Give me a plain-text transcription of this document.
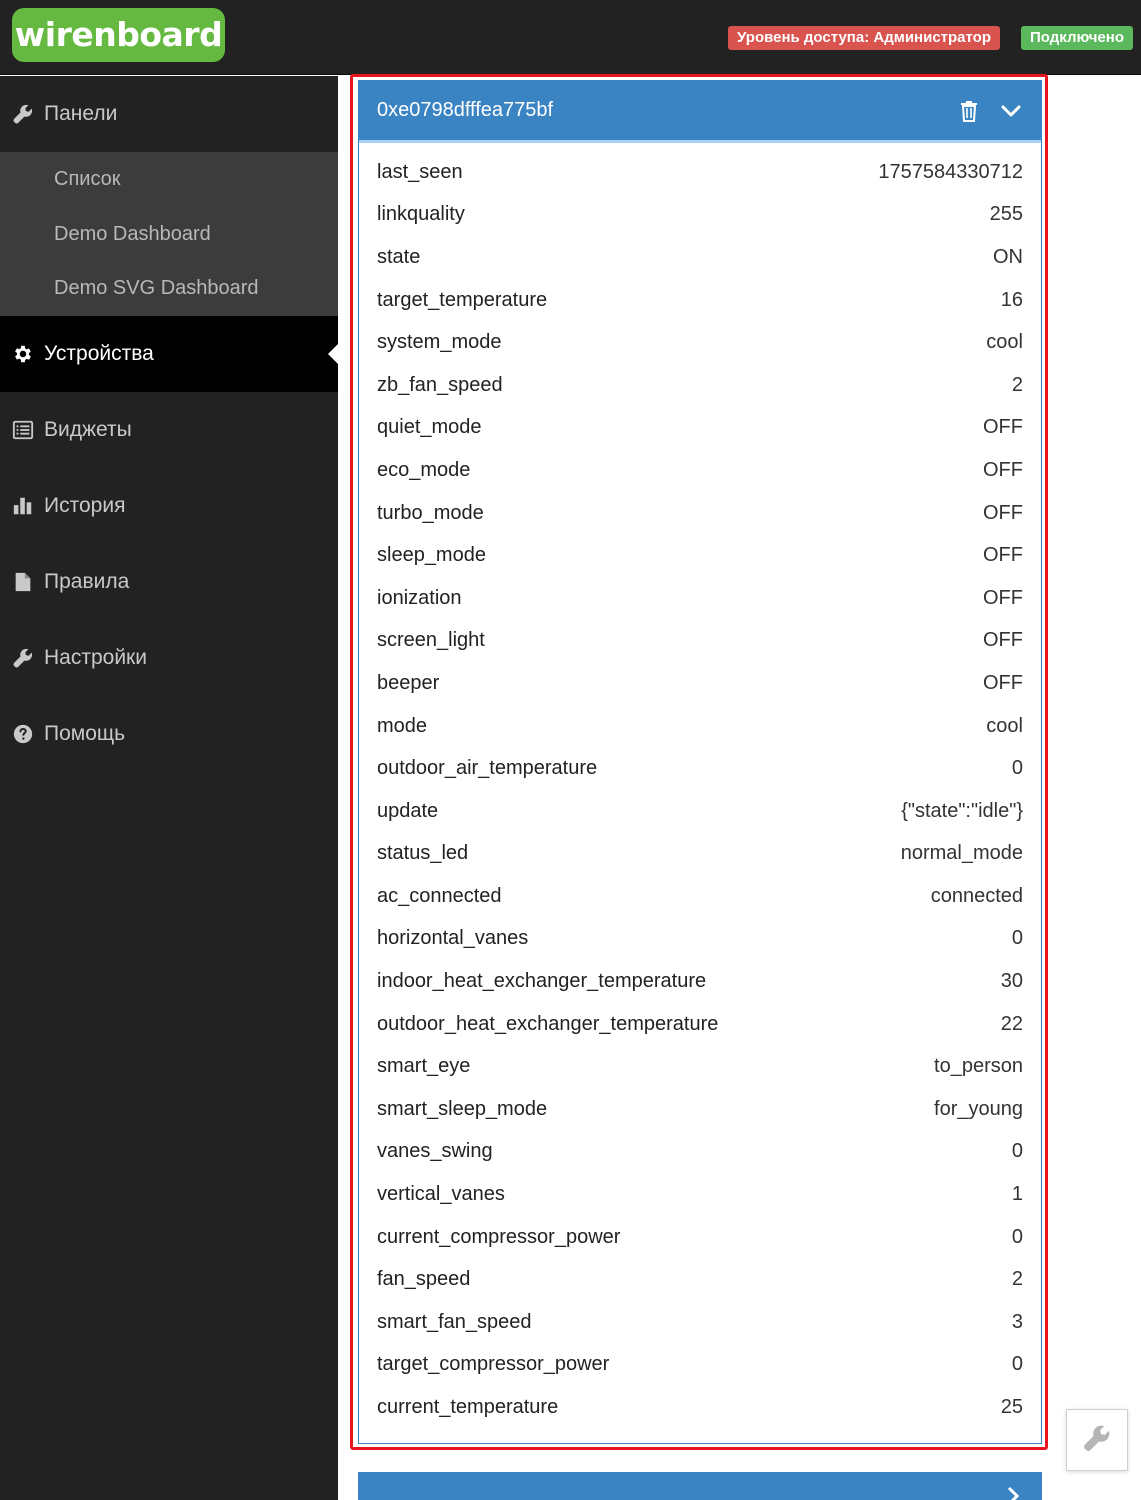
wirenboard	Уровень доступа: Администратор	Подключено
Панели
Список
Demo Dashboard
Demo SVG Dashboard
Устройства
Виджеты
История
Правила
Настройки
Помощь
0xe0798dfffea775bf
last_seen	1757584330712
linkquality	255
state	ON
target_temperature	16
system_mode	cool
zb_fan_speed	2
quiet_mode	OFF
eco_mode	OFF
turbo_mode	OFF
sleep_mode	OFF
ionization	OFF
screen_light	OFF
beeper	OFF
mode	cool
outdoor_air_temperature	0
update	{"state":"idle"}
status_led	normal_mode
ac_connected	connected
horizontal_vanes	0
indoor_heat_exchanger_temperature	30
outdoor_heat_exchanger_temperature	22
smart_eye	to_person
smart_sleep_mode	for_young
vanes_swing	0
vertical_vanes	1
current_compressor_power	0
fan_speed	2
smart_fan_speed	3
target_compressor_power	0
current_temperature	25
